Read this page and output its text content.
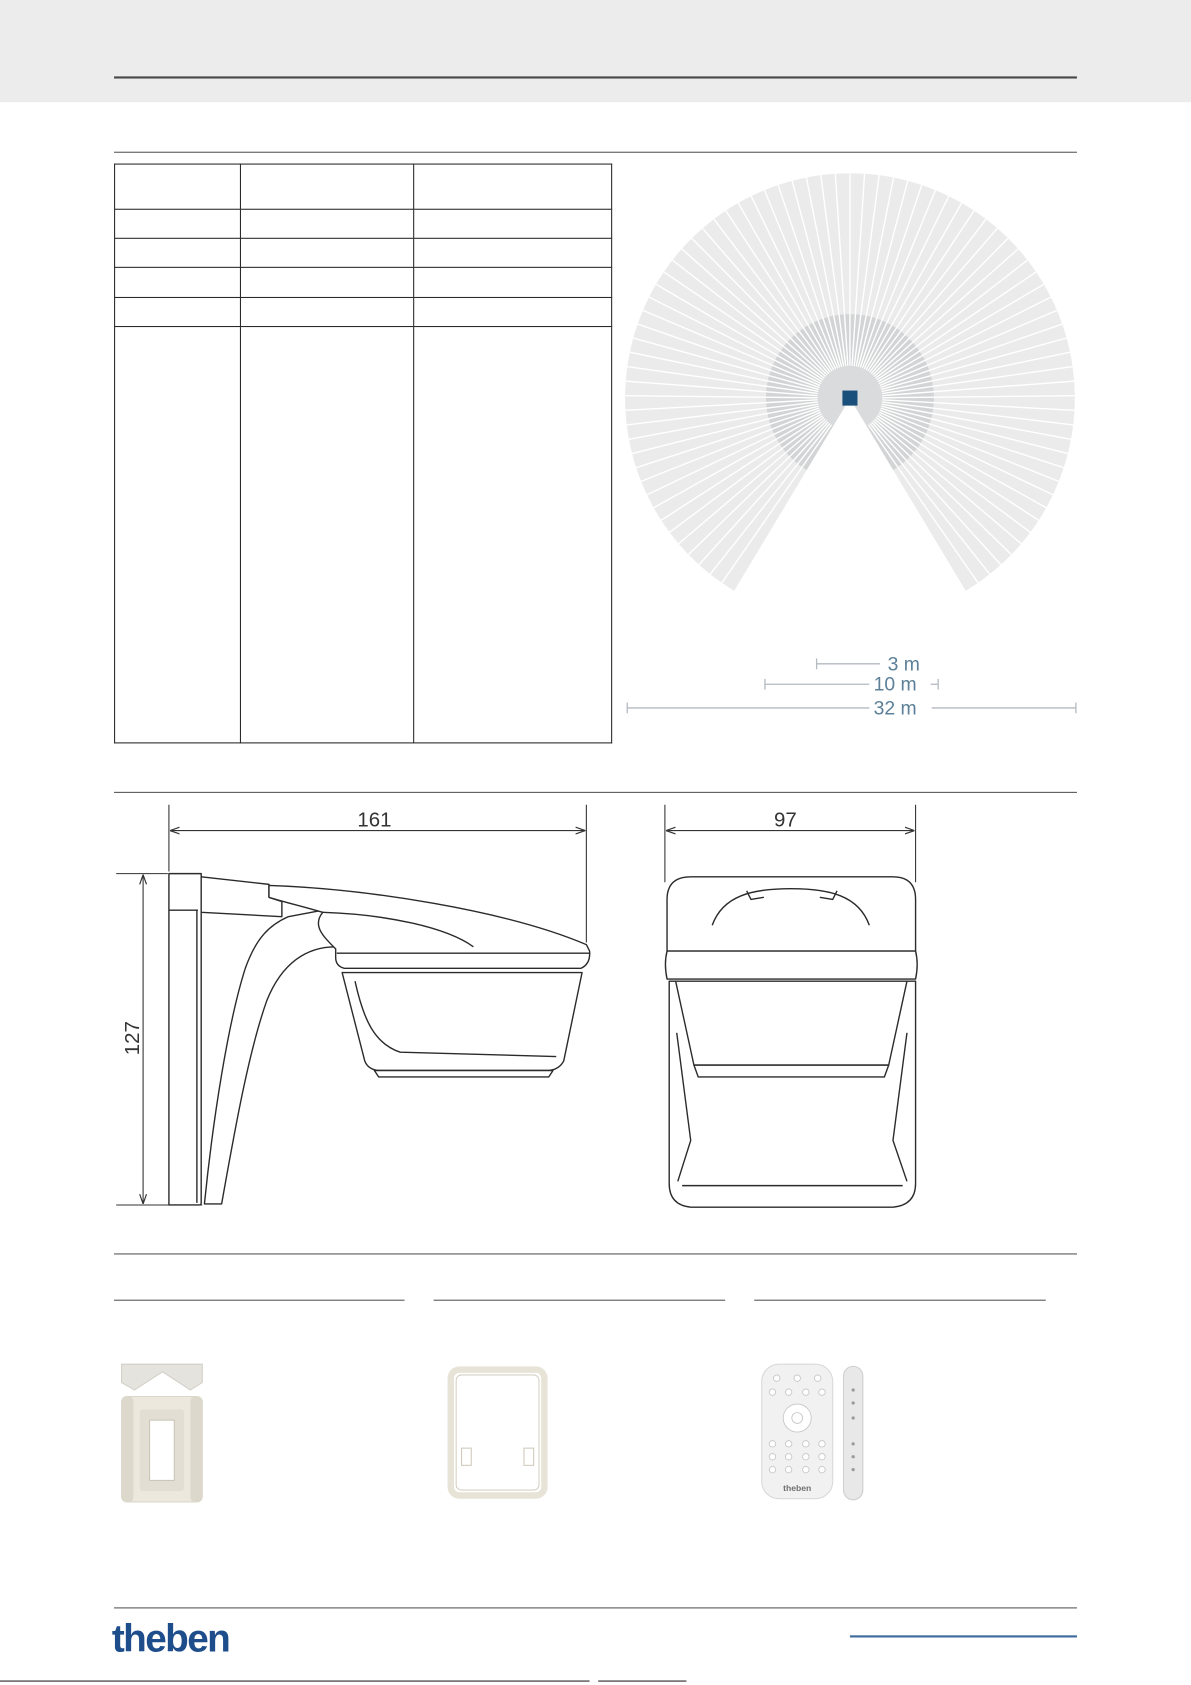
3 m
10 m
32 m
161
127
97
theben
theben
